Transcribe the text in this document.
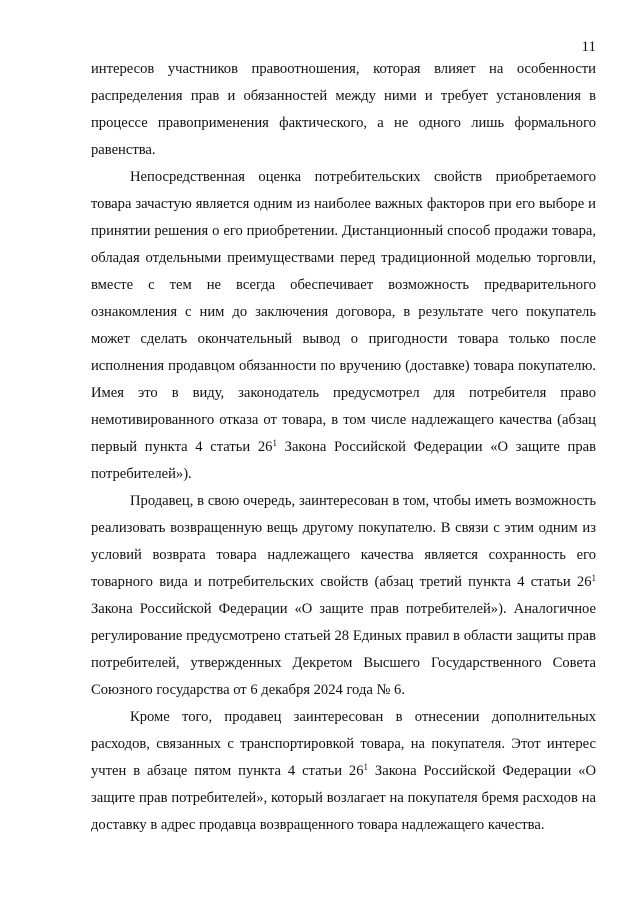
11

интересов участников правоотношения, которая влияет на особенности распределения прав и обязанностей между ними и требует установления в процессе правоприменения фактического, а не одного лишь формального равенства.

Непосредственная оценка потребительских свойств приобретаемого товара зачастую является одним из наиболее важных факторов при его выборе и принятии решения о его приобретении. Дистанционный способ продажи товара, обладая отдельными преимуществами перед традиционной моделью торговли, вместе с тем не всегда обеспечивает возможность предварительного ознакомления с ним до заключения договора, в результате чего покупатель может сделать окончательный вывод о пригодности товара только после исполнения продавцом обязанности по вручению (доставке) товара покупателю. Имея это в виду, законодатель предусмотрел для потребителя право немотивированного отказа от товара, в том числе надлежащего качества (абзац первый пункта 4 статьи $26^1$ Закона Российской Федерации «О защите прав потребителей»).

Продавец, в свою очередь, заинтересован в том, чтобы иметь возможность реализовать возвращенную вещь другому покупателю. В связи с этим одним из условий возврата товара надлежащего качества является сохранность его товарного вида и потребительских свойств (абзац третий пункта 4 статьи $26^1$ Закона Российской Федерации «О защите прав потребителей»). Аналогичное регулирование предусмотрено статьей 28 Единых правил в области защиты прав потребителей, утвержденных Декретом Высшего Государственного Совета Союзного государства от 6 декабря 2024 года № 6.

Кроме того, продавец заинтересован в отнесении дополнительных расходов, связанных с транспортировкой товара, на покупателя. Этот интерес учтен в абзаце пятом пункта 4 статьи $26^1$ Закона Российской Федерации «О защите прав потребителей», который возлагает на покупателя бремя расходов на доставку в адрес продавца возвращенного товара надлежащего качества.
